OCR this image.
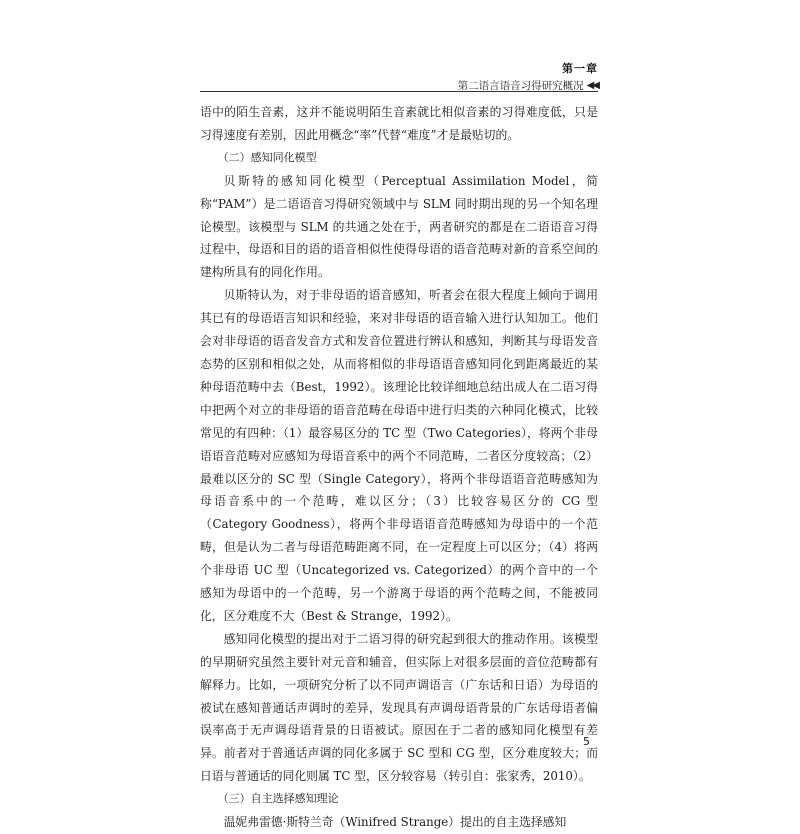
第一章
第二语言语音习得研究概况 ◀◀

语中的陌生音素，这并不能说明陌生音素就比相似音素的习得难度低，只是习得速度有差别，因此用概念“率”代替“难度”才是最贴切的。

（二）感知同化模型

贝斯特的感知同化模型（Perceptual Assimilation Model，简称“PAM”）是二语语音习得研究领域中与 SLM 同时期出现的另一个知名理论模型。该模型与 SLM 的共通之处在于，两者研究的都是在二语语音习得过程中，母语和目的语的语音相似性使得母语的语音范畴对新的音系空间的建构所具有的同化作用。

贝斯特认为，对于非母语的语音感知，听者会在很大程度上倾向于调用其已有的母语语言知识和经验，来对非母语的语音输入进行认知加工。他们会对非母语的语音发音方式和发音位置进行辨认和感知，判断其与母语发音态势的区别和相似之处，从而将相似的非母语语音感知同化到距离最近的某种母语范畴中去（Best，1992）。该理论比较详细地总结出成人在二语习得中把两个对立的非母语的语音范畴在母语中进行归类的六种同化模式，比较常见的有四种：（1）最容易区分的 TC 型（Two Categories），将两个非母语语音范畴对应感知为母语音系中的两个不同范畴，二者区分度较高；（2）最难以区分的 SC 型（Single Category），将两个非母语语音范畴感知为母语音系中的一个范畴，难以区分；（3）比较容易区分的 CG 型（Category Goodness），将两个非母语语音范畴感知为母语中的一个范畴，但是认为二者与母语范畴距离不同，在一定程度上可以区分；（4）将两个非母语 UC 型（Uncategorized vs. Categorized）的两个音中的一个感知为母语中的一个范畴，另一个游离于母语的两个范畴之间，不能被同化，区分难度不大（Best & Strange，1992）。

感知同化模型的提出对于二语习得的研究起到很大的推动作用。该模型的早期研究虽然主要针对元音和辅音，但实际上对很多层面的音位范畴都有解释力。比如，一项研究分析了以不同声调语言（广东话和日语）为母语的被试在感知普通话声调时的差异，发现具有声调母语背景的广东话母语者偏误率高于无声调母语背景的日语被试。原因在于二者的感知同化模型有差异。前者对于普通话声调的同化多属于 SC 型和 CG 型，区分难度较大；而日语与普通话的同化则属 TC 型，区分较容易（转引自：张家秀，2010）。

（三）自主选择感知理论

温妮弗雷德·斯特兰奇（Winifred Strange）提出的自主选择感知

5
